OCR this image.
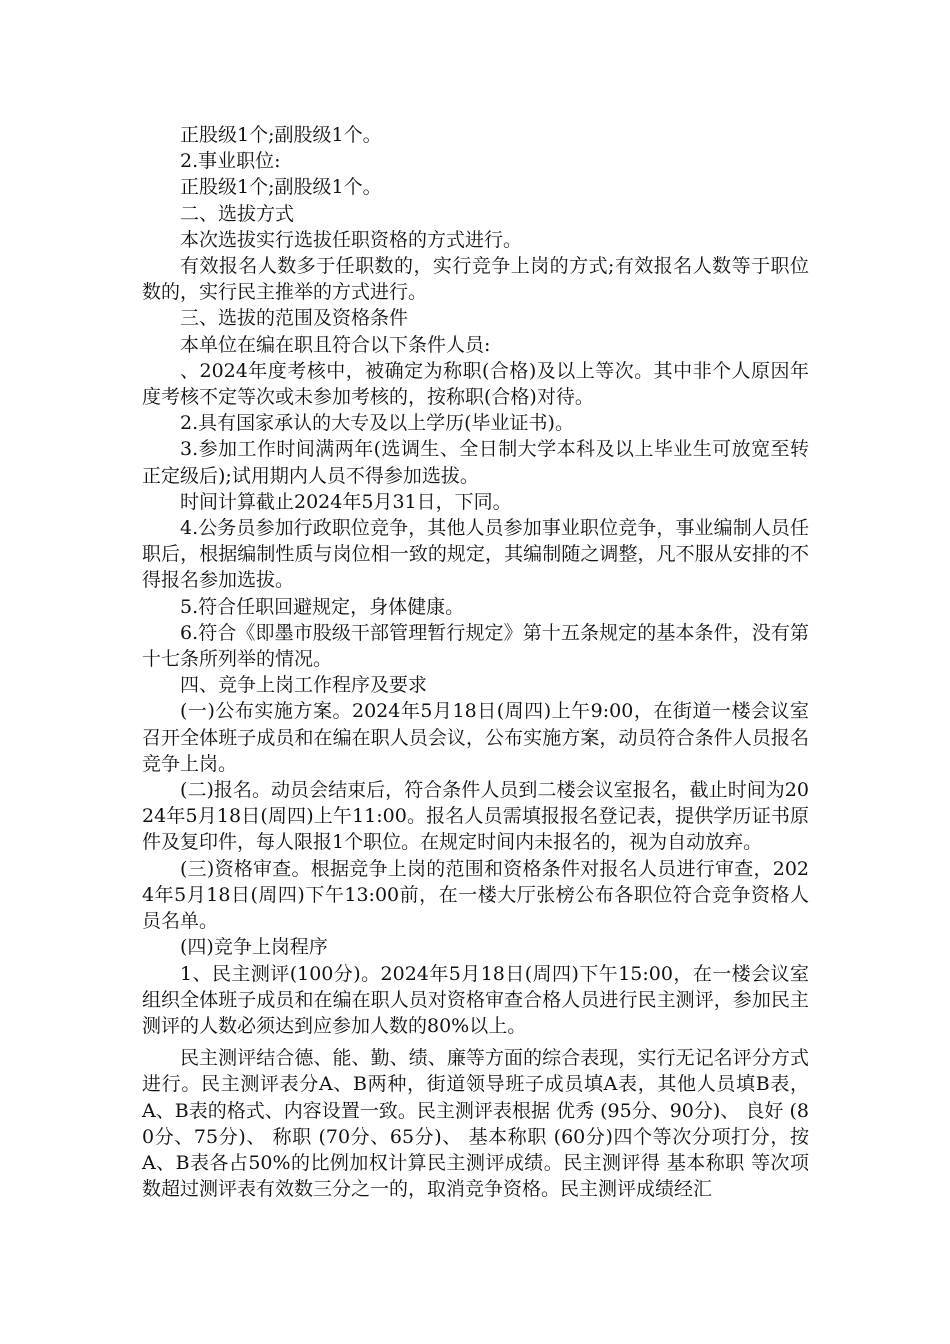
正股级1个;副股级1个。

2.事业职位:

正股级1个;副股级1个。

二、选拔方式

本次选拔实行选拔任职资格的方式进行。

有效报名人数多于任职数的，实行竞争上岗的方式;有效报名人数等于职位数的，实行民主推举的方式进行。

三、选拔的范围及资格条件

本单位在编在职且符合以下条件人员:

、2024年度考核中，被确定为称职(合格)及以上等次。其中非个人原因年度考核不定等次或未参加考核的，按称职(合格)对待。

2.具有国家承认的大专及以上学历(毕业证书)。

3.参加工作时间满两年(选调生、全日制大学本科及以上毕业生可放宽至转正定级后);试用期内人员不得参加选拔。

时间计算截止2024年5月31日，下同。

4.公务员参加行政职位竞争，其他人员参加事业职位竞争，事业编制人员任职后，根据编制性质与岗位相一致的规定，其编制随之调整，凡不服从安排的不得报名参加选拔。

5.符合任职回避规定，身体健康。

6.符合《即墨市股级干部管理暂行规定》第十五条规定的基本条件，没有第十七条所列举的情况。

四、竞争上岗工作程序及要求

(一)公布实施方案。2024年5月18日(周四)上午9:00，在街道一楼会议室召开全体班子成员和在编在职人员会议，公布实施方案，动员符合条件人员报名竞争上岗。

(二)报名。动员会结束后，符合条件人员到二楼会议室报名，截止时间为2024年5月18日(周四)上午11:00。报名人员需填报报名登记表，提供学历证书原件及复印件，每人限报1个职位。在规定时间内未报名的，视为自动放弃。

(三)资格审查。根据竞争上岗的范围和资格条件对报名人员进行审查，2024年5月18日(周四)下午13:00前，在一楼大厅张榜公布各职位符合竞争资格人员名单。

(四)竞争上岗程序

1、民主测评(100分)。2024年5月18日(周四)下午15:00，在一楼会议室组织全体班子成员和在编在职人员对资格审查合格人员进行民主测评，参加民主测评的人数必须达到应参加人数的80%以上。

民主测评结合德、能、勤、绩、廉等方面的综合表现，实行无记名评分方式进行。民主测评表分A、B两种，街道领导班子成员填A表，其他人员填B表，A、B表的格式、内容设置一致。民主测评表根据 优秀 (95分、90分)、 良好 (80分、75分)、 称职 (70分、65分)、 基本称职 (60分)四个等次分项打分，按A、B表各占50%的比例加权计算民主测评成绩。民主测评得 基本称职 等次项数超过测评表有效数三分之一的，取消竞争资格。民主测评成绩经汇
